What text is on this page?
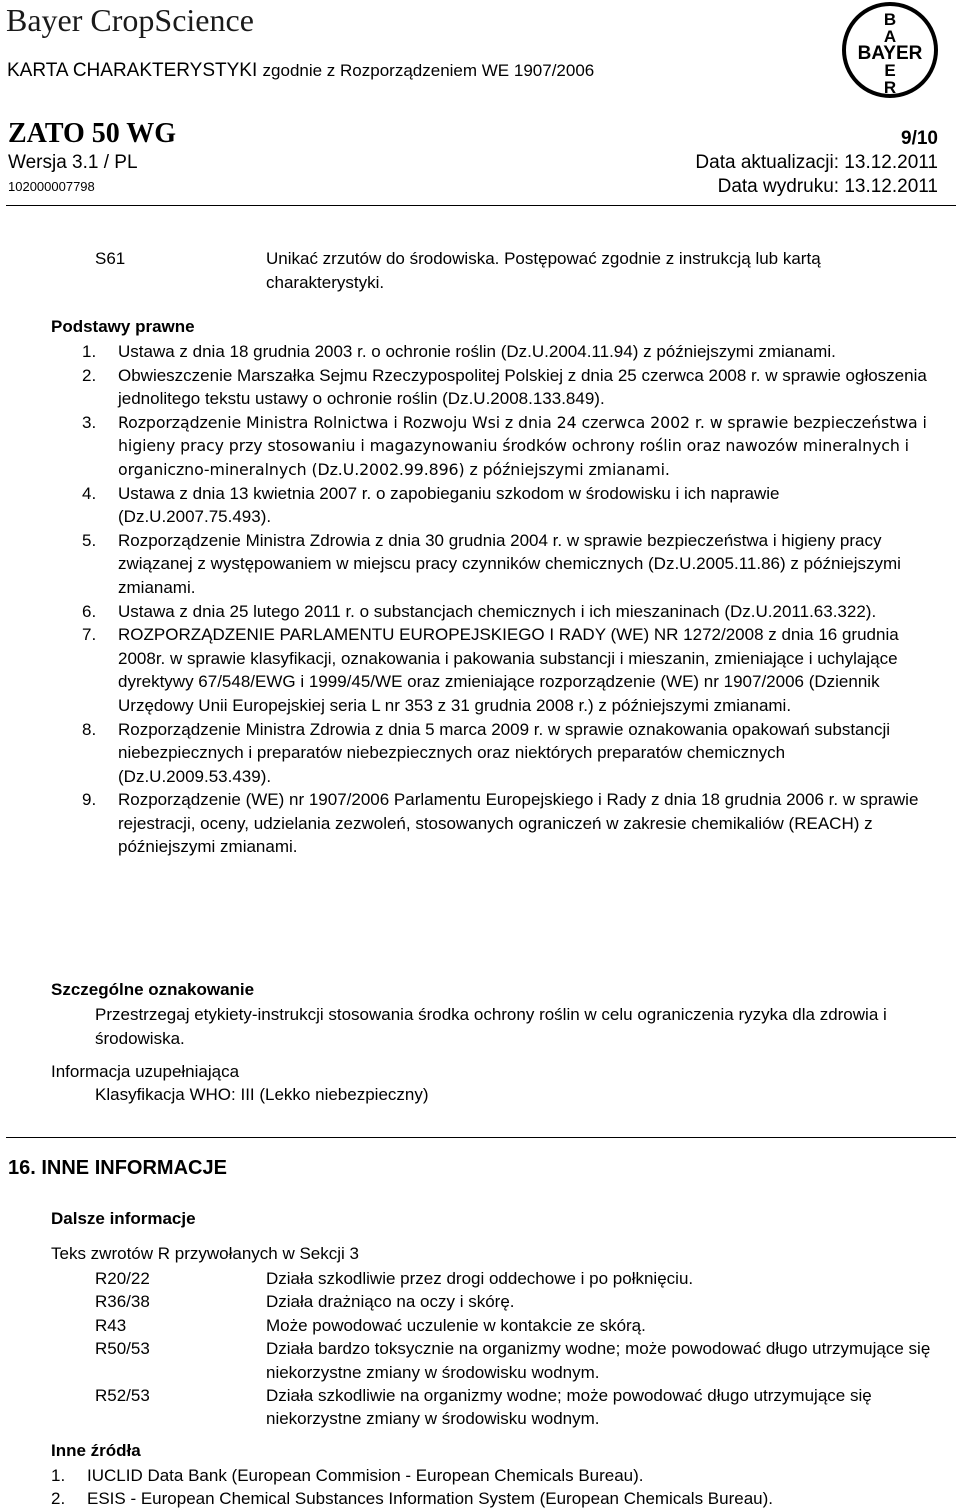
Bayer CropScience
KARTA CHARAKTERYSTYKI zgodnie z Rozporządzeniem WE 1907/2006
B
A
E
R
BAYER
ZATO 50 WG	9/10
Wersja 3.1 / PL	Data aktualizacji: 13.12.2011
102000007798	Data wydruku: 13.12.2011
S61	Unikać zrzutów do środowiska. Postępować zgodnie z instrukcją lub kartą charakterystyki.
Podstawy prawne
1. Ustawa z dnia 18 grudnia 2003 r. o ochronie roślin (Dz.U.2004.11.94) z późniejszymi zmianami.
2. Obwieszczenie Marszałka Sejmu Rzeczypospolitej Polskiej z dnia 25 czerwca 2008 r. w sprawie ogłoszenia jednolitego tekstu ustawy o ochronie roślin (Dz.U.2008.133.849).
3. Rozporządzenie Ministra Rolnictwa i Rozwoju Wsi z dnia 24 czerwca 2002 r. w sprawie bezpieczeństwa i higieny pracy przy stosowaniu i magazynowaniu środków ochrony roślin oraz nawozów mineralnych i organiczno-mineralnych (Dz.U.2002.99.896) z późniejszymi zmianami.
4. Ustawa z dnia 13 kwietnia 2007 r. o zapobieganiu szkodom w środowisku i ich naprawie (Dz.U.2007.75.493).
5. Rozporządzenie Ministra Zdrowia z dnia 30 grudnia 2004 r. w sprawie bezpieczeństwa i higieny pracy związanej z występowaniem w miejscu pracy czynników chemicznych (Dz.U.2005.11.86) z późniejszymi zmianami.
6. Ustawa z dnia 25 lutego 2011 r. o substancjach chemicznych i ich mieszaninach (Dz.U.2011.63.322).
7. ROZPORZĄDZENIE PARLAMENTU EUROPEJSKIEGO I RADY (WE) NR 1272/2008 z dnia 16 grudnia 2008r. w sprawie klasyfikacji, oznakowania i pakowania substancji i mieszanin, zmieniające i uchylające dyrektywy 67/548/EWG i 1999/45/WE oraz zmieniające rozporządzenie (WE) nr 1907/2006 (Dziennik Urzędowy Unii Europejskiej seria L nr 353 z 31 grudnia 2008 r.) z późniejszymi zmianami.
8. Rozporządzenie Ministra Zdrowia z dnia 5 marca 2009 r. w sprawie oznakowania opakowań substancji niebezpiecznych i preparatów niebezpiecznych oraz niektórych preparatów chemicznych (Dz.U.2009.53.439).
9. Rozporządzenie (WE) nr 1907/2006 Parlamentu Europejskiego i Rady z dnia 18 grudnia 2006 r. w sprawie rejestracji, oceny, udzielania zezwoleń, stosowanych ograniczeń w zakresie chemikaliów (REACH) z późniejszymi zmianami.
Szczególne oznakowanie
Przestrzegaj etykiety-instrukcji stosowania środka ochrony roślin w celu ograniczenia ryzyka dla zdrowia i środowiska.
Informacja uzupełniająca
Klasyfikacja WHO: III (Lekko niebezpieczny)
16. INNE INFORMACJE
Dalsze informacje
Teks zwrotów R przywołanych w Sekcji 3
R20/22	Działa szkodliwie przez drogi oddechowe i po połknięciu.
R36/38	Działa drażniąco na oczy i skórę.
R43	Może powodować uczulenie w kontakcie ze skórą.
R50/53	Działa bardzo toksycznie na organizmy wodne; może powodować długo utrzymujące się niekorzystne zmiany w środowisku wodnym.
R52/53	Działa szkodliwie na organizmy wodne; może powodować długo utrzymujące się niekorzystne zmiany w środowisku wodnym.
Inne źródła
1. IUCLID Data Bank (European Commision - European Chemicals Bureau).
2. ESIS - European Chemical Substances Information System (European Chemicals Bureau).
